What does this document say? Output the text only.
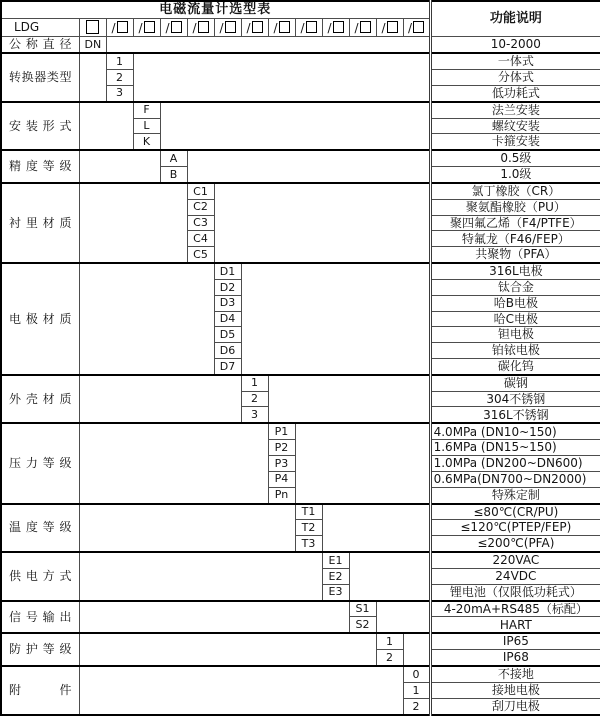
电磁流量计选型表														功能说明
LDG		/	/	/	/	/	/	/	/	/	/	/	/	
公称直径	DN													10-2000
转换器类型		1												一体式
		2												分体式
		3												低功耗式
安装形式			F											法兰安装
			L											螺纹安装
			K											卡箍安装
精度等级				A										0.5级
				B										1.0级
衬里材质					C1									氯丁橡胶（CR）
					C2									聚氨酯橡胶（PU）
					C3									聚四氟乙烯（F4/PTFE）
					C4									特氟龙（F46/FEP）
					C5									共聚物（PFA）
电极材质						D1								316L电极
						D2								钛合金
						D3								哈B电极
						D4								哈C电极
						D5								钽电极
						D6								铂铱电极
						D7								碳化钨
外壳材质							1							碳钢
							2							304不锈钢
							3							316L不锈钢
压力等级								P1						4.0MPa (DN10~150)
								P2						1.6MPa (DN15~150)
								P3						1.0MPa (DN200~DN600)
								P4						0.6MPa(DN700~DN2000)
								Pn						特殊定制
温度等级									T1					≤80℃(CR/PU)
									T2					≤120℃(PTEP/FEP)
									T3					≤200℃(PFA)
供电方式										E1				220VAC
										E2				24VDC
										E3				锂电池（仅限低功耗式）
信号输出											S1			4-20mA+RS485（标配）
											S2			HART
防护等级												1		IP65
												2		IP68
附件													0	不接地
													1	接地电极
													2	刮刀电极
